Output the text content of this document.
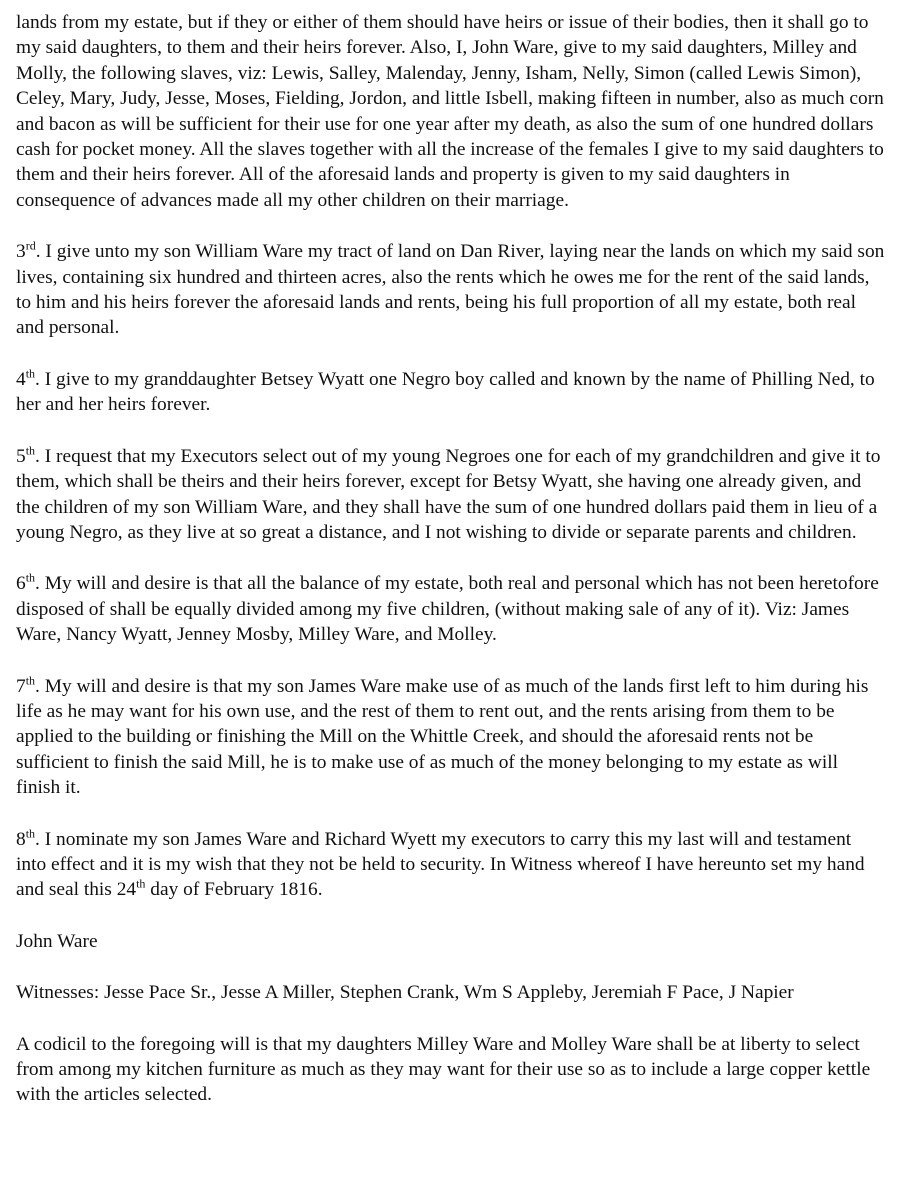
lands from my estate, but if they or either of them should have heirs or issue of their bodies, then it shall go to my said daughters, to them and their heirs forever. Also, I, John Ware, give to my said daughters, Milley and Molly, the following slaves, viz: Lewis, Salley, Malenday, Jenny, Isham, Nelly, Simon (called Lewis Simon), Celey, Mary, Judy, Jesse, Moses, Fielding, Jordon, and little Isbell, making fifteen in number, also as much corn and bacon as will be sufficient for their use for one year after my death, as also the sum of one hundred dollars cash for pocket money. All the slaves together with all the increase of the females I give to my said daughters to them and their heirs forever. All of the aforesaid lands and property is given to my said daughters in consequence of advances made all my other children on their marriage.

3rd. I give unto my son William Ware my tract of land on Dan River, laying near the lands on which my said son lives, containing six hundred and thirteen acres, also the rents which he owes me for the rent of the said lands, to him and his heirs forever the aforesaid lands and rents, being his full proportion of all my estate, both real and personal.

4th. I give to my granddaughter Betsey Wyatt one Negro boy called and known by the name of Philling Ned, to her and her heirs forever.

5th. I request that my Executors select out of my young Negroes one for each of my grandchildren and give it to them, which shall be theirs and their heirs forever, except for Betsy Wyatt, she having one already given, and the children of my son William Ware, and they shall have the sum of one hundred dollars paid them in lieu of a young Negro, as they live at so great a distance, and I not wishing to divide or separate parents and children.

6th. My will and desire is that all the balance of my estate, both real and personal which has not been heretofore disposed of shall be equally divided among my five children, (without making sale of any of it). Viz: James Ware, Nancy Wyatt, Jenney Mosby, Milley Ware, and Molley.

7th. My will and desire is that my son James Ware make use of as much of the lands first left to him during his life as he may want for his own use, and the rest of them to rent out, and the rents arising from them to be applied to the building or finishing the Mill on the Whittle Creek, and should the aforesaid rents not be sufficient to finish the said Mill, he is to make use of as much of the money belonging to my estate as will finish it.

8th. I nominate my son James Ware and Richard Wyett my executors to carry this my last will and testament into effect and it is my wish that they not be held to security. In Witness whereof I have hereunto set my hand and seal this 24th day of February 1816.

John Ware

Witnesses: Jesse Pace Sr., Jesse A Miller, Stephen Crank, Wm S Appleby, Jeremiah F Pace, J Napier

A codicil to the foregoing will is that my daughters Milley Ware and Molley Ware shall be at liberty to select from among my kitchen furniture as much as they may want for their use so as to include a large copper kettle with the articles selected.
